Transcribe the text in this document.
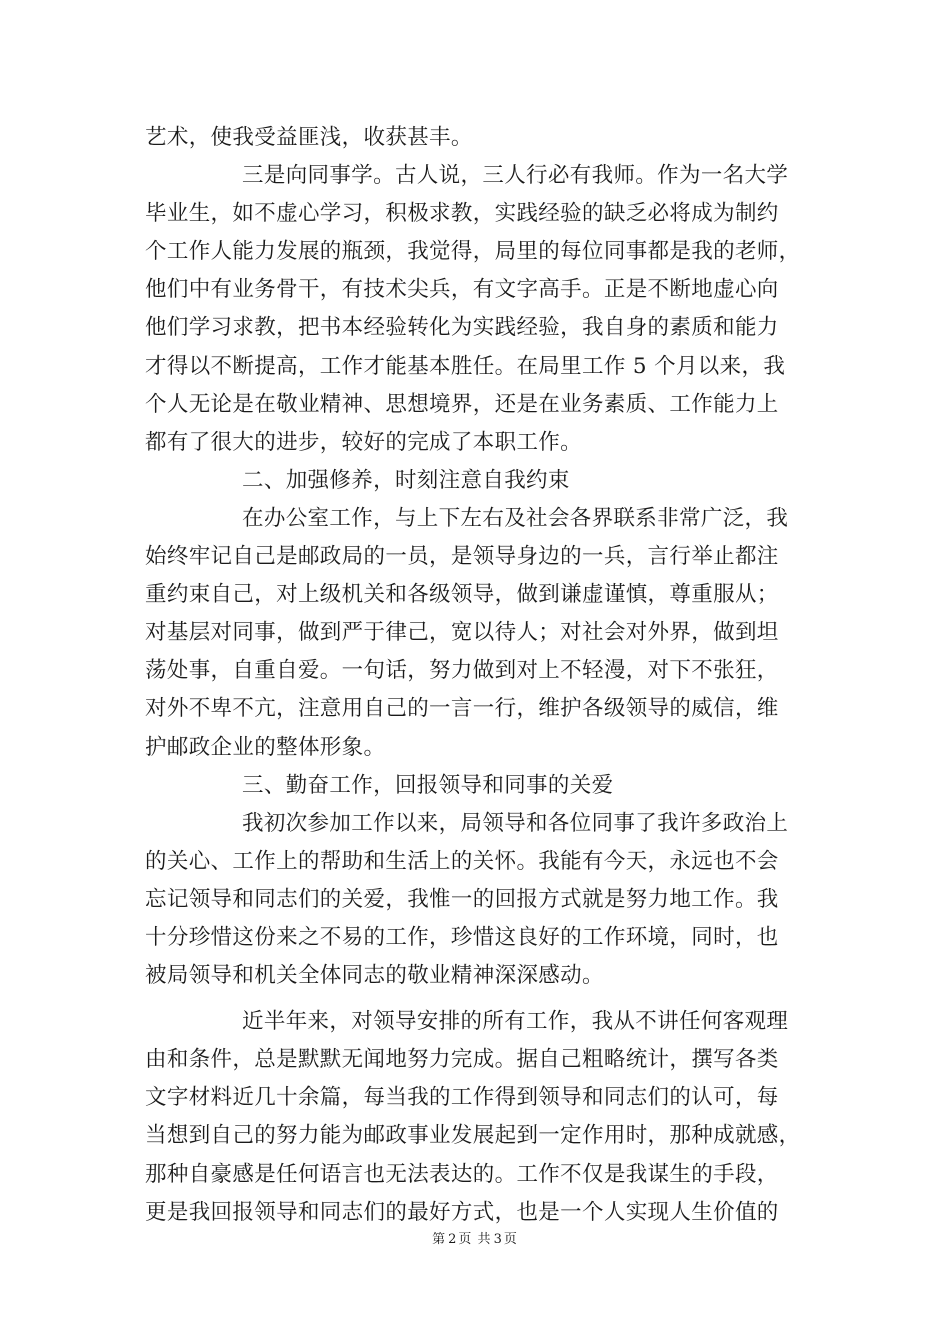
艺术，使我受益匪浅，收获甚丰。
三是向同事学。古人说，三人行必有我师。作为一名大学
毕业生，如不虚心学习，积极求教，实践经验的缺乏必将成为制约
个工作人能力发展的瓶颈，我觉得，局里的每位同事都是我的老师，
他们中有业务骨干，有技术尖兵，有文字高手。正是不断地虚心向
他们学习求教，把书本经验转化为实践经验，我自身的素质和能力
才得以不断提高，工作才能基本胜任。在局里工作 5 个月以来，我
个人无论是在敬业精神、思想境界，还是在业务素质、工作能力上
都有了很大的进步，较好的完成了本职工作。
二、加强修养，时刻注意自我约束
在办公室工作，与上下左右及社会各界联系非常广泛，我
始终牢记自己是邮政局的一员，是领导身边的一兵，言行举止都注
重约束自己，对上级机关和各级领导，做到谦虚谨慎，尊重服从；
对基层对同事，做到严于律己，宽以待人；对社会对外界，做到坦
荡处事，自重自爱。一句话，努力做到对上不轻漫，对下不张狂，
对外不卑不亢，注意用自己的一言一行，维护各级领导的威信，维
护邮政企业的整体形象。
三、勤奋工作，回报领导和同事的关爱
我初次参加工作以来，局领导和各位同事了我许多政治上
的关心、工作上的帮助和生活上的关怀。我能有今天，永远也不会
忘记领导和同志们的关爱，我惟一的回报方式就是努力地工作。我
十分珍惜这份来之不易的工作，珍惜这良好的工作环境，同时，也
被局领导和机关全体同志的敬业精神深深感动。
近半年来，对领导安排的所有工作，我从不讲任何客观理
由和条件，总是默默无闻地努力完成。据自己粗略统计，撰写各类
文字材料近几十余篇，每当我的工作得到领导和同志们的认可，每
当想到自己的努力能为邮政事业发展起到一定作用时，那种成就感，
那种自豪感是任何语言也无法表达的。工作不仅是我谋生的手段，
更是我回报领导和同志们的最好方式，也是一个人实现人生价值的
第 2 页 共 3 页
